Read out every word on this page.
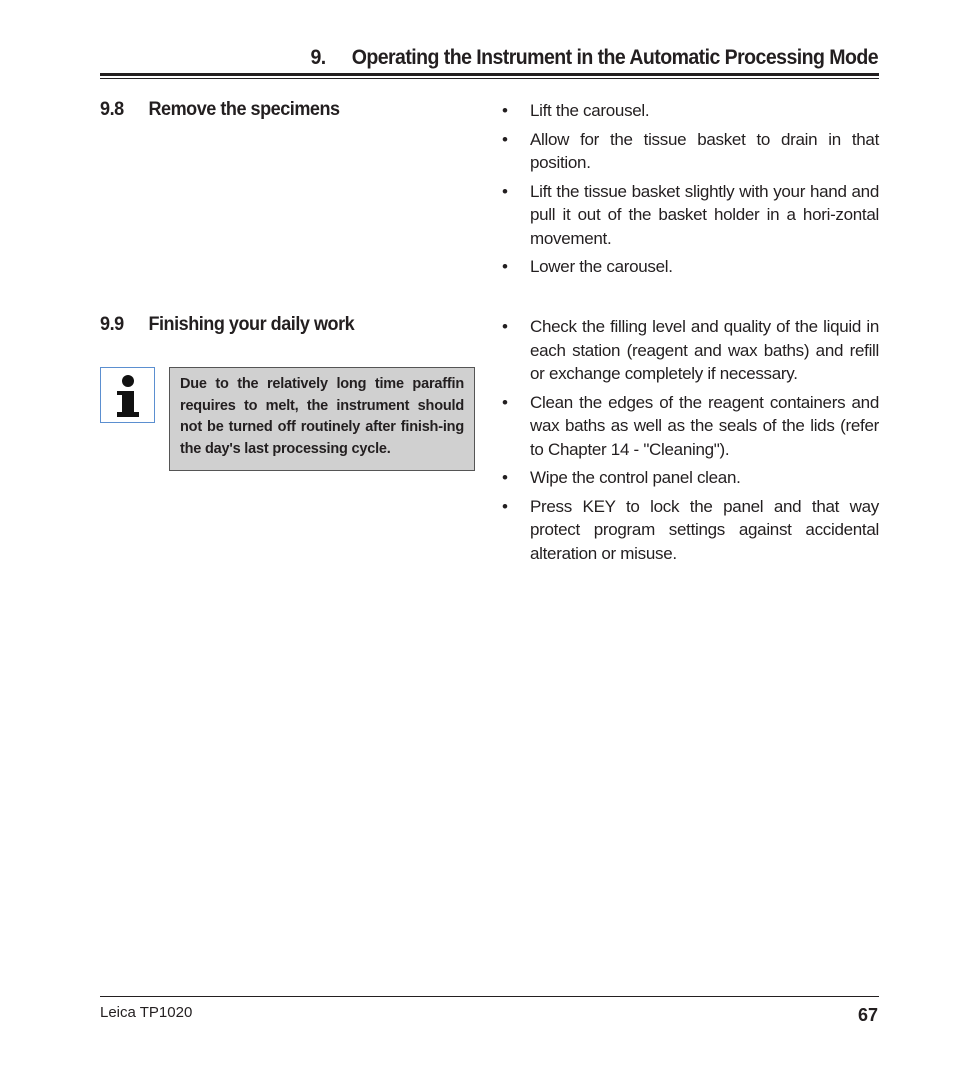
9. Operating the Instrument in the Automatic Processing Mode
9.8 Remove the specimens
•	Lift the carousel.
• Allow for the tissue basket to drain in that position.
• Lift the tissue basket slightly with your hand and pull it out of the basket holder in a hori-zontal movement.
• Lower the carousel.
9.9 Finishing your daily work
Due to the relatively long time paraffin requires to melt, the instrument should not be turned off routinely after finish-ing the day's last processing cycle.
• Check the filling level and quality of the liquid in each station (reagent and wax baths) and refill or exchange completely if necessary.
• Clean the edges of the reagent containers and wax baths as well as the seals of the lids (refer to Chapter 14 - "Cleaning").
• Wipe the control panel clean.
• Press KEY to lock the panel and that way protect program settings against accidental alteration or misuse.
Leica TP1020	67
